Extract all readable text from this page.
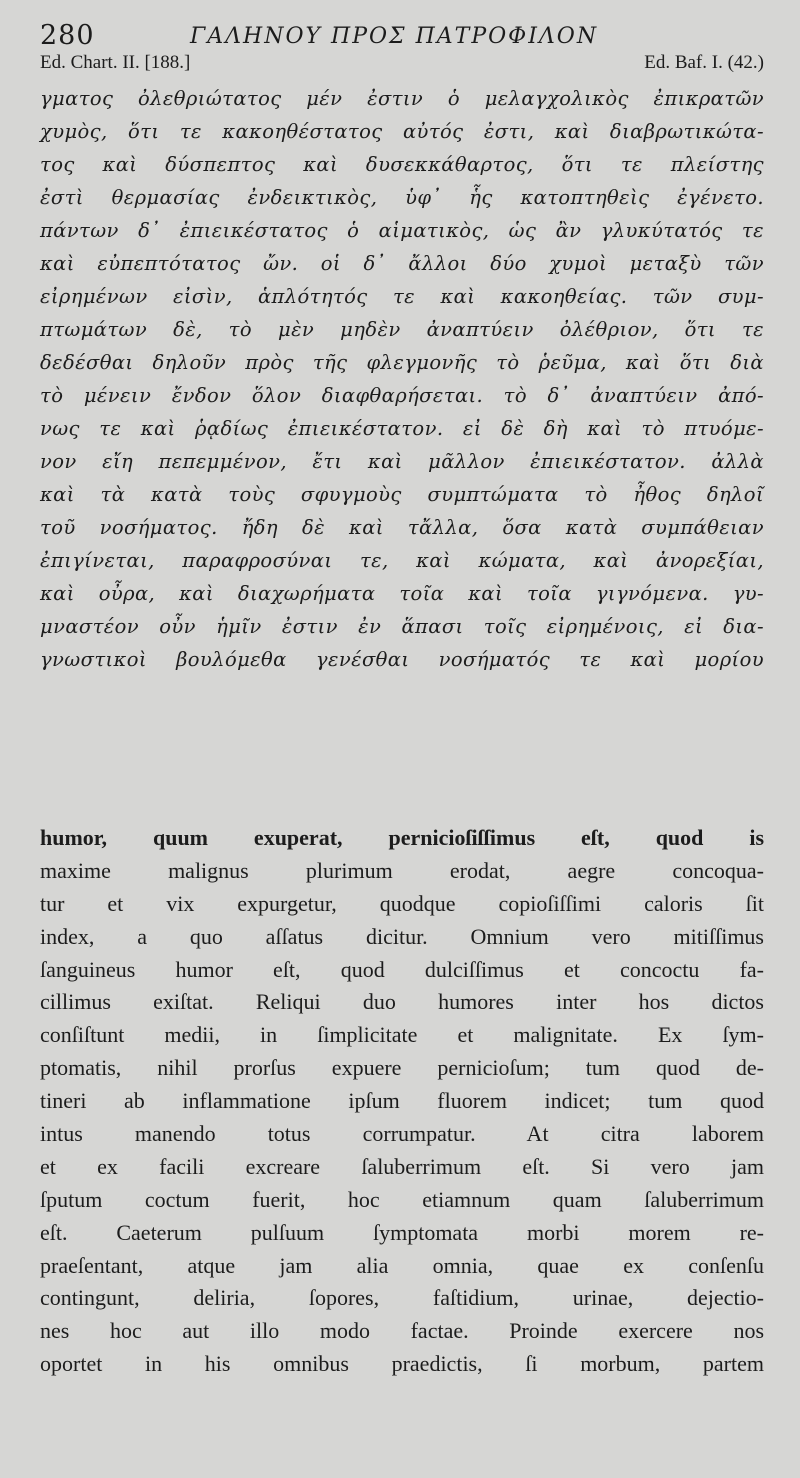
280	ΓΑΛΗΝΟΥ ΠΡΟΣ ΠΑΤΡΟΦΙΛΟΝ
Ed. Chart. II. [188.]	Ed. Baf. I. (42.)
γματος ὀλεθριώτατος μέν ἐστιν ὁ μελαγχολικὸς ἐπικρατῶν
χυμὸς, ὅτι τε κακοηθέστατος αὐτός ἐστι, καὶ διαβρωτικώτα-
τος καὶ δύσπεπτος καὶ δυσεκκάθαρτος, ὅτι τε πλείστης
ἐστὶ θερμασίας ἐνδεικτικὸς, ὑφ᾿ ἧς κατοπτηθεὶς ἐγένετο.
πάντων δ᾿ ἐπιεικέστατος ὁ αἱματικὸς, ὡς ἂν γλυκύτατός τε
καὶ εὐπεπτότατος ὤν. οἱ δ᾿ ἄλλοι δύο χυμοὶ μεταξὺ τῶν
εἰρημένων εἰσὶν, ἁπλότητός τε καὶ κακοηθείας. τῶν συμ-
πτωμάτων δὲ, τὸ μὲν μηδὲν ἀναπτύειν ὀλέθριον, ὅτι τε
δεδέσθαι δηλοῦν πρὸς τῆς φλεγμονῆς τὸ ῥεῦμα, καὶ ὅτι διὰ
τὸ μένειν ἔνδον ὅλον διαφθαρήσεται. τὸ δ᾿ ἀναπτύειν ἀπό-
νως τε καὶ ῥᾳδίως ἐπιεικέστατον. εἰ δὲ δὴ καὶ τὸ πτυόμε-
νον εἴη πεπεμμένον, ἔτι καὶ μᾶλλον ἐπιεικέστατον. ἀλλὰ
καὶ τὰ κατὰ τοὺς σφυγμοὺς συμπτώματα τὸ ἦθος δηλοῖ
τοῦ νοσήματος. ἤδη δὲ καὶ τἄλλα, ὅσα κατὰ συμπάθειαν
ἐπιγίνεται, παραφροσύναι τε, καὶ κώματα, καὶ ἀνορεξίαι,
καὶ οὖρα, καὶ διαχωρήματα τοῖα καὶ τοῖα γιγνόμενα. γυ-
μναστέον οὖν ἡμῖν ἐστιν ἐν ἅπασι τοῖς εἰρημένοις, εἰ δια-
γνωστικοὶ βουλόμεθα γενέσθαι νοσήματός τε καὶ μορίου
humor, quum exuperat, pernicioſiſſimus eſt, quod is
maxime malignus plurimum erodat, aegre concoqua-
tur et vix expurgetur, quodque copioſiſſimi caloris ſit
index, a quo aſſatus dicitur. Omnium vero mitiſſimus
ſanguineus humor eſt, quod dulciſſimus et concoctu fa-
cillimus exiſtat. Reliqui duo humores inter hos dictos
conſiſtunt medii, in ſimplicitate et malignitate. Ex ſym-
ptomatis, nihil prorſus expuere pernicioſum; tum quod de-
tineri ab inflammatione ipſum fluorem indicet; tum quod
intus manendo totus corrumpatur. At citra laborem
et ex facili excreare ſaluberrimum eſt. Si vero jam
ſputum coctum fuerit, hoc etiamnum quam ſaluberrimum
eſt. Caeterum pulſuum ſymptomata morbi morem re-
praeſentant, atque jam alia omnia, quae ex conſenſu
contingunt, deliria, ſopores, faſtidium, urinae, dejectio-
nes hoc aut illo modo factae. Proinde exercere nos
oportet in his omnibus praedictis, ſi morbum, partem
